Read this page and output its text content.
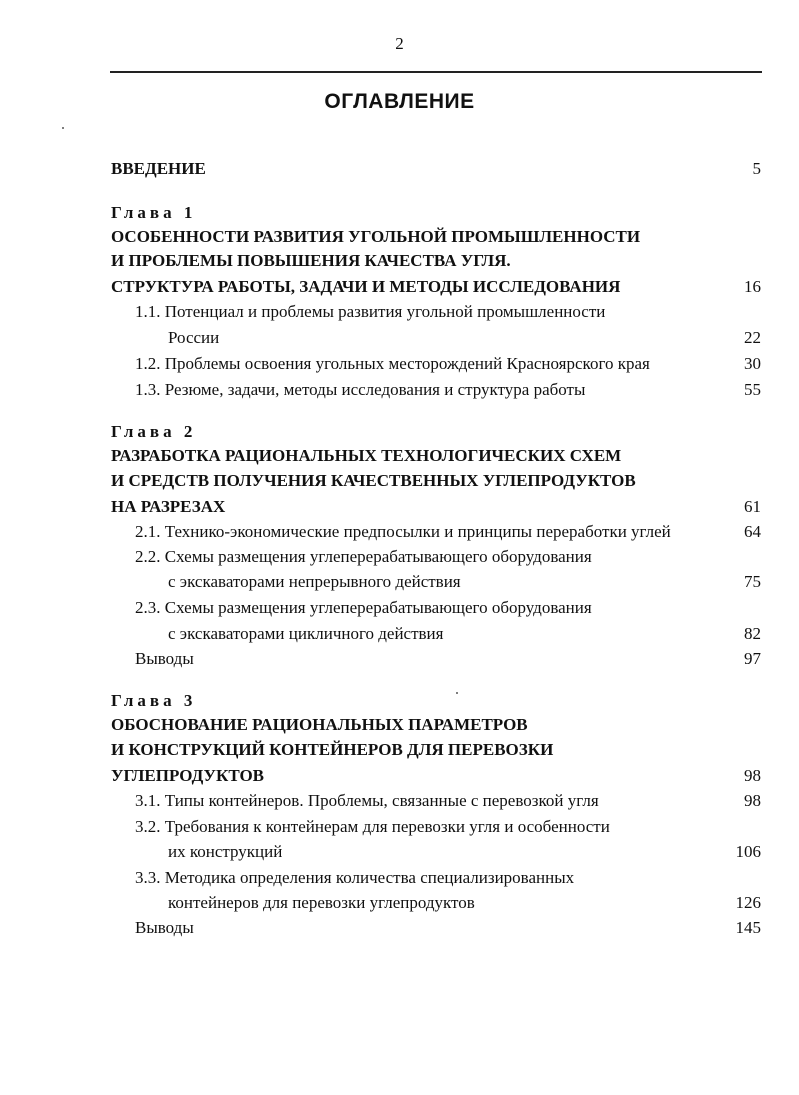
2
ОГЛАВЛЕНИЕ
ВВЕДЕНИЕ	5
Глава 1
ОСОБЕННОСТИ РАЗВИТИЯ УГОЛЬНОЙ ПРОМЫШЛЕННОСТИ
И ПРОБЛЕМЫ ПОВЫШЕНИЯ КАЧЕСТВА УГЛЯ.
СТРУКТУРА РАБОТЫ, ЗАДАЧИ И МЕТОДЫ ИССЛЕДОВАНИЯ	16
1.1. Потенциал и проблемы развития угольной промышленности
России	22
1.2. Проблемы освоения угольных месторождений Красноярского края	30
1.3. Резюме, задачи, методы исследования и структура работы	55
Глава 2
РАЗРАБОТКА РАЦИОНАЛЬНЫХ ТЕХНОЛОГИЧЕСКИХ СХЕМ
И СРЕДСТВ ПОЛУЧЕНИЯ КАЧЕСТВЕННЫХ УГЛЕПРОДУКТОВ
НА РАЗРЕЗАХ	61
2.1. Технико-экономические предпосылки и принципы переработки углей	64
2.2. Схемы размещения углеперерабатывающего оборудования
с экскаваторами непрерывного действия	75
2.3. Схемы размещения углеперерабатывающего оборудования
с экскаваторами цикличного действия	82
Выводы	97
Глава 3
ОБОСНОВАНИЕ РАЦИОНАЛЬНЫХ ПАРАМЕТРОВ
И КОНСТРУКЦИЙ КОНТЕЙНЕРОВ ДЛЯ ПЕРЕВОЗКИ
УГЛЕПРОДУКТОВ	98
3.1. Типы контейнеров. Проблемы, связанные с перевозкой угля	98
3.2. Требования к контейнерам для перевозки угля и особенности
их конструкций	106
3.3. Методика определения количества специализированных
контейнеров для перевозки углепродуктов	126
Выводы	145
